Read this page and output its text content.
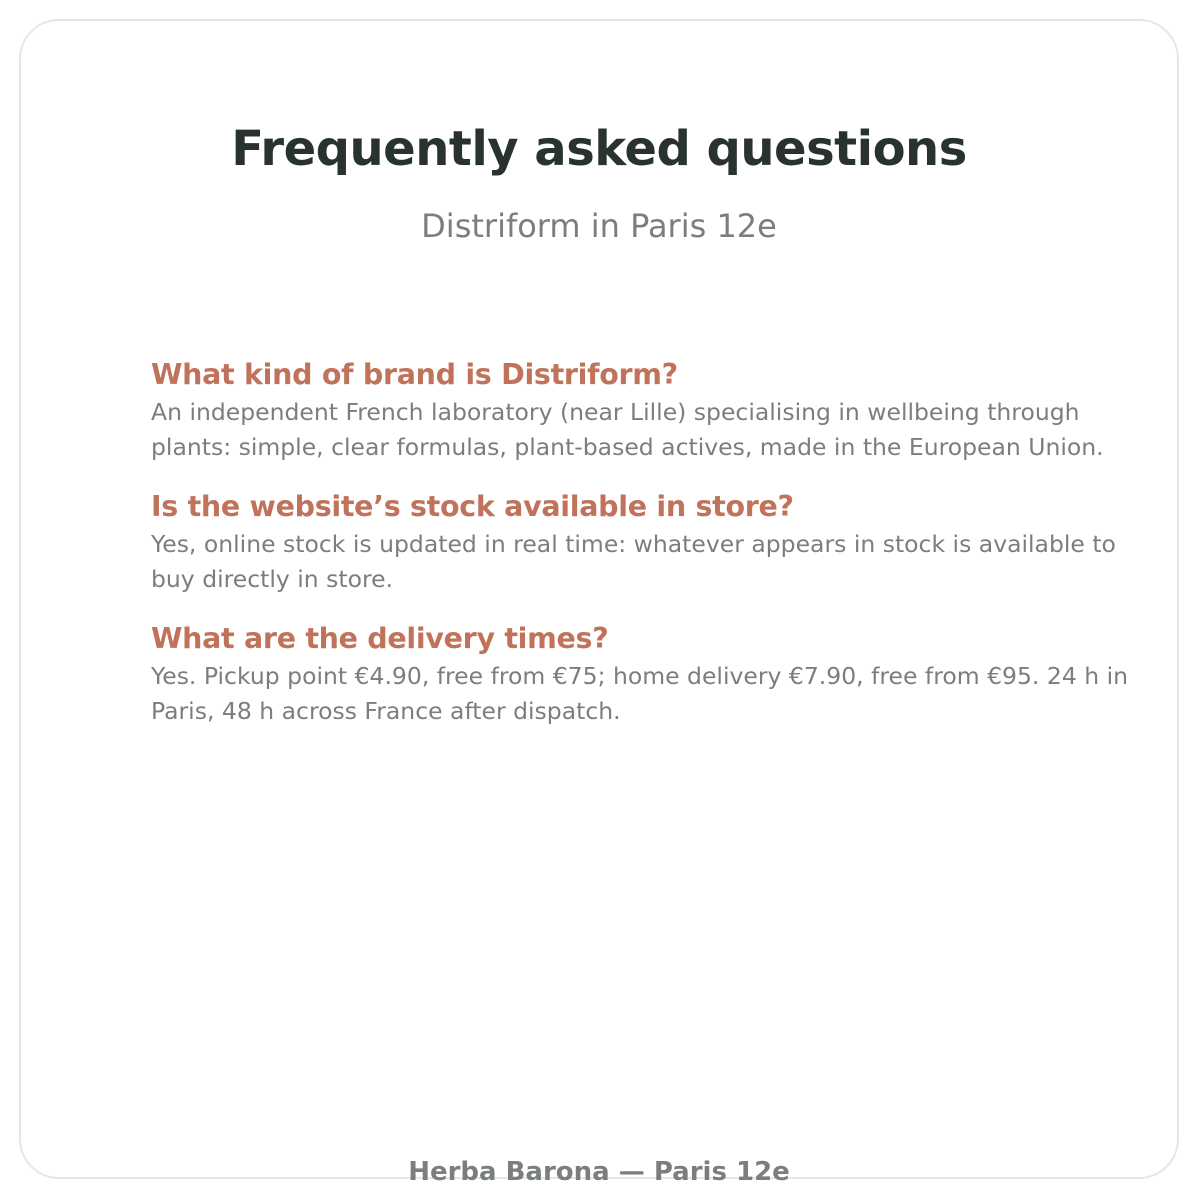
Frequently asked questions

Distriform in Paris 12e

What kind of brand is Distriform?

An independent French laboratory (near Lille) specialising in wellbeing through plants: simple, clear formulas, plant-based actives, made in the European Union.

Is the website’s stock available in store?

Yes, online stock is updated in real time: whatever appears in stock is available to buy directly in store.

What are the delivery times?

Yes. Pickup point €4.90, free from €75; home delivery €7.90, free from €95. 24 h in Paris, 48 h across France after dispatch.

Herba Barona — Paris 12e
